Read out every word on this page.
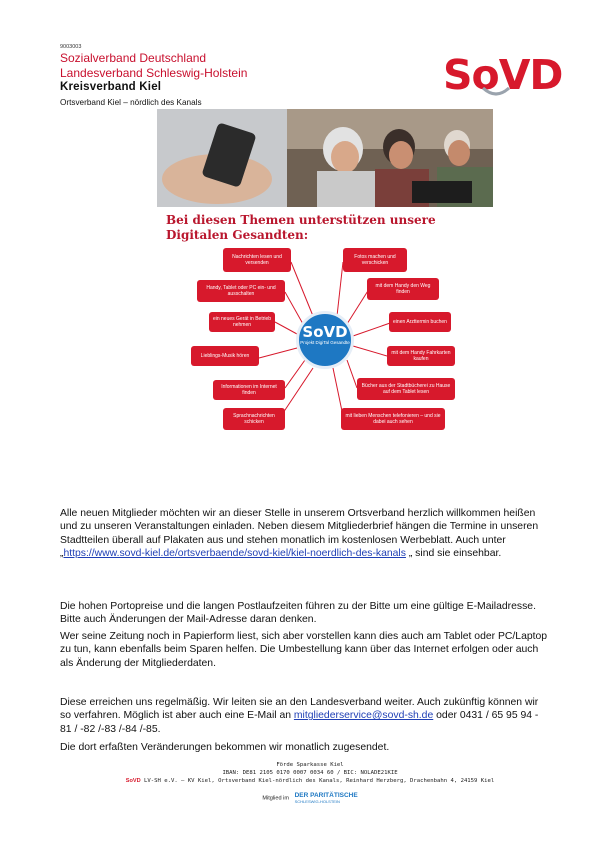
9003003
Sozialverband Deutschland
Landesverband Schleswig-Holstein
Kreisverband Kiel
Ortsverband Kiel – nördlich des Kanals
SoVD
Bei diesen Themen unterstützen unsere Digitalen Gesandten:
Nachrichten lesen und versenden
Handy, Tablet oder PC ein- und ausschalten
ein neues Gerät in Betrieb nehmen
Lieblings-Musik hören
Informationen im Internet finden
Sprachnachrichten schicken
Fotos machen und verschicken
mit dem Handy den Weg finden
einen Arzttermin buchen
mit dem Handy Fahrkarten kaufen
Bücher aus der Stadtbücherei zu Hause auf dem Tablet lesen
mit lieben Menschen telefonieren – und sie dabei auch sehen
SoVD
Projekt DigiTal Gesandte

Alle neuen Mitglieder möchten wir an dieser Stelle in unserem Ortsverband herzlich willkommen heißen und zu unseren Veranstaltungen einladen. Neben diesem Mitgliederbrief hängen die Termine in unseren Stadtteilen überall auf Plakaten aus und stehen monatlich im kostenlosen Werbeblatt. Auch unter „https://www.sovd-kiel.de/ortsverbaende/sovd-kiel/kiel-noerdlich-des-kanals „ sind sie einsehbar.

Die hohen Portopreise und die langen Postlaufzeiten führen zu der Bitte um eine gültige E-Mailadresse. Bitte auch Änderungen der Mail-Adresse daran denken.

Wer seine Zeitung noch in Papierform liest, sich aber vorstellen kann dies auch am Tablet oder PC/Laptop zu tun, kann ebenfalls beim Sparen helfen. Die Umbestellung kann über das Internet erfolgen oder auch als Änderung der Mitgliederdaten.

Diese erreichen uns regelmäßig. Wir leiten sie an den Landesverband weiter. Auch zukünftig können wir so verfahren. Möglich ist aber auch eine E-Mail an mitgliederservice@sovd-sh.de oder 0431 / 65 95 94 - 81 / -82 /-83 /-84 /-85.

Die dort erfaßten Veränderungen bekommen wir monatlich zugesendet.

Förde Sparkasse Kiel
IBAN: DE81 2105 0170 0007 0034 60 / BIC: NOLADE21KIE
SoVD LV-SH e.V. – KV Kiel, Ortsverband Kiel-nördlich des Kanals, Reinhard Herzberg, Drachenbahn 4, 24159 Kiel
Mitglied im DER PARITÄTISCHE
SCHLESWIG-HOLSTEIN
